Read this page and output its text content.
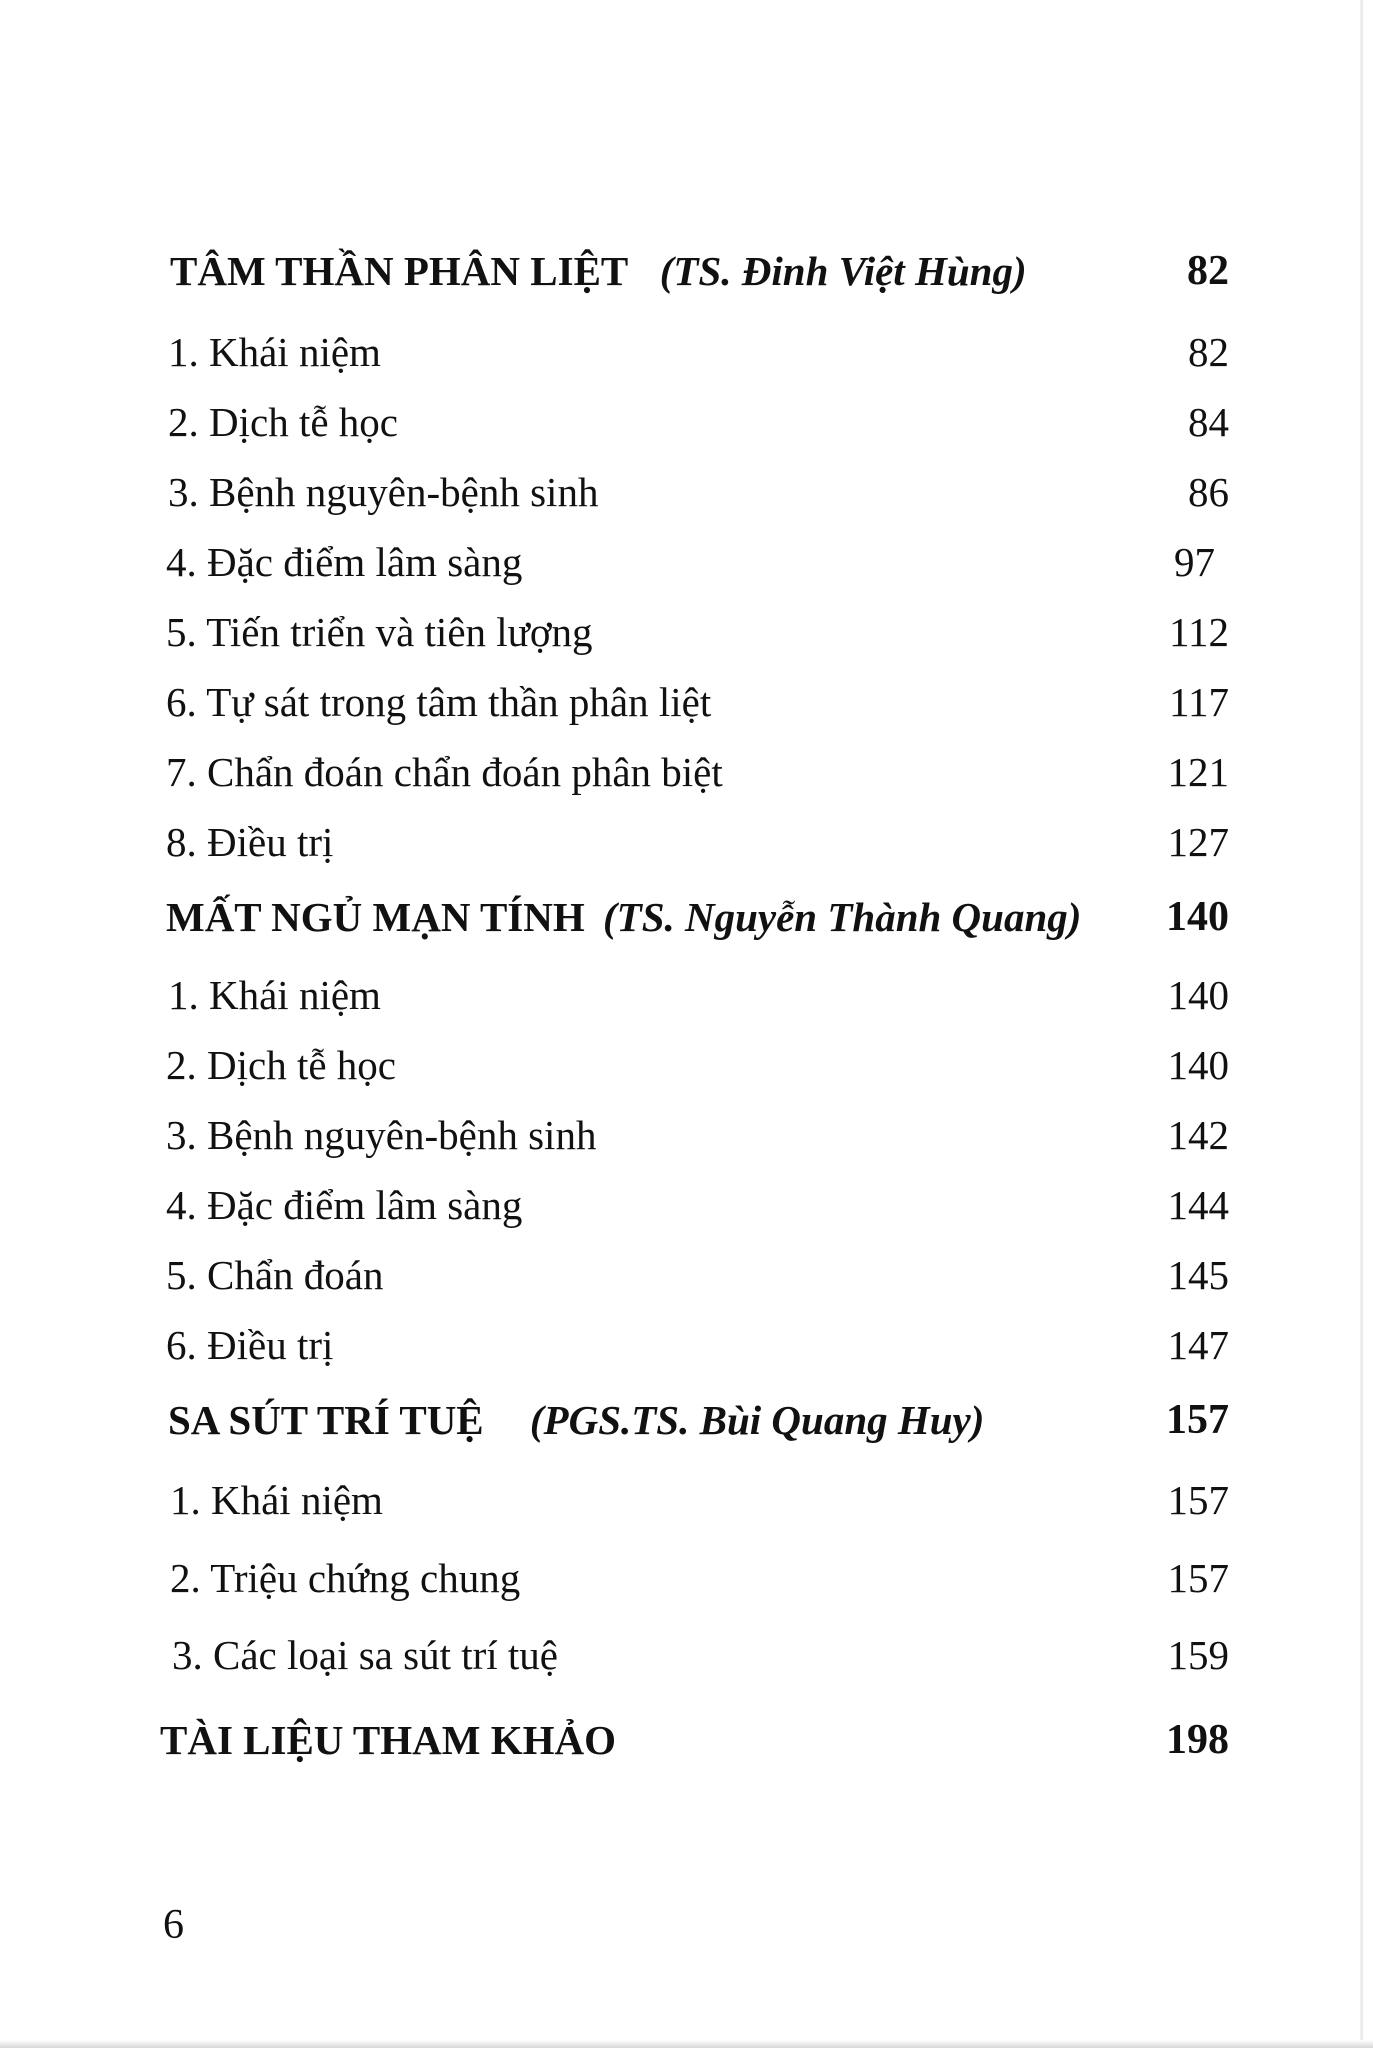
TÂM THẦN PHÂN LIỆT (TS. Đinh Việt Hùng)	82
1. Khái niệm	82
2. Dịch tễ học	84
3. Bệnh nguyên-bệnh sinh	86
4. Đặc điểm lâm sàng	97
5. Tiến triển và tiên lượng	112
6. Tự sát trong tâm thần phân liệt	117
7. Chẩn đoán chẩn đoán phân biệt	121
8. Điều trị	127
MẤT NGỦ MẠN TÍNH (TS. Nguyễn Thành Quang) 140
1. Khái niệm	140
2. Dịch tễ học	140
3. Bệnh nguyên-bệnh sinh	142
4. Đặc điểm lâm sàng	144
5. Chẩn đoán	145
6. Điều trị	147
SA SÚT TRÍ TUỆ (PGS.TS. Bùi Quang Huy)	157
1. Khái niệm	157
2. Triệu chứng chung	157
3. Các loại sa sút trí tuệ	159
TÀI LIỆU THAM KHẢO	198
6
